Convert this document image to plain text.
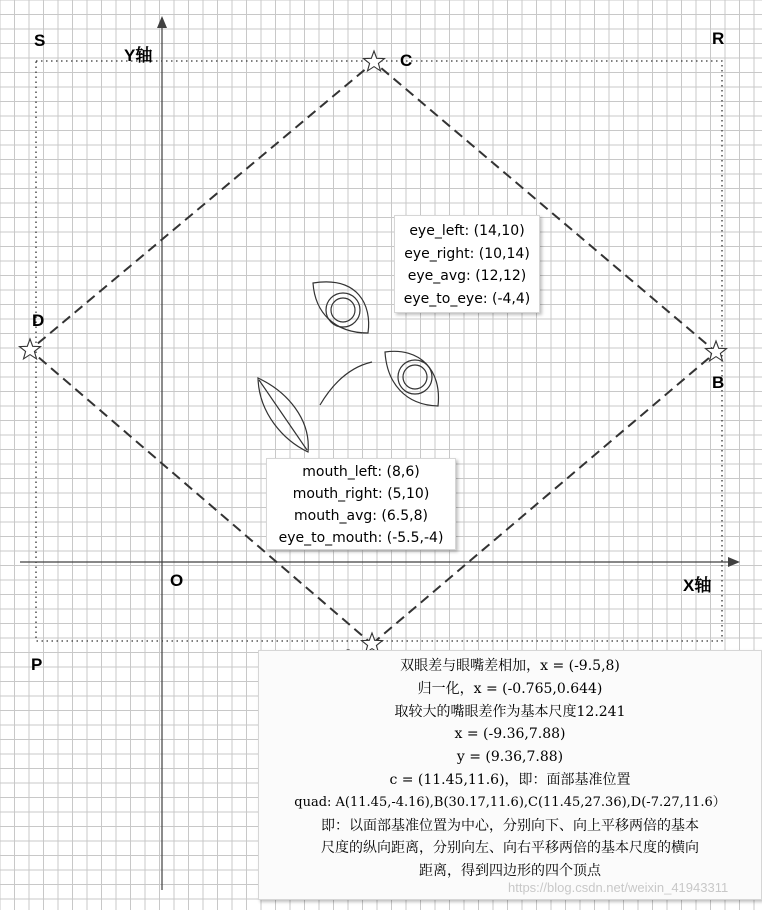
Y轴
X轴
O
P
R
S
B
C
D
eye_left: (14,10)
eye_right: (10,14)
eye_avg: (12,12)
eye_to_eye: (-4,4)
mouth_left: (8,6)
mouth_right: (5,10)
mouth_avg: (6.5,8)
eye_to_mouth: (-5.5,-4)
双眼差与眼嘴差相加，x = (-9.5,8)
归一化，x = (-0.765,0.644)
取较大的嘴眼差作为基本尺度12.241
x = (-9.36,7.88)
y = (9.36,7.88)
c = (11.45,11.6)，即：面部基准位置
quad: A(11.45,-4.16),B(30.17,11.6),C(11.45,27.36),D(-7.27,11.6）
即：以面部基准位置为中心，分别向下、向上平移两倍的基本
尺度的纵向距离，分别向左、向右平移两倍的基本尺度的横向
距离，得到四边形的四个顶点
https://blog.csdn.net/weixin_41943311
